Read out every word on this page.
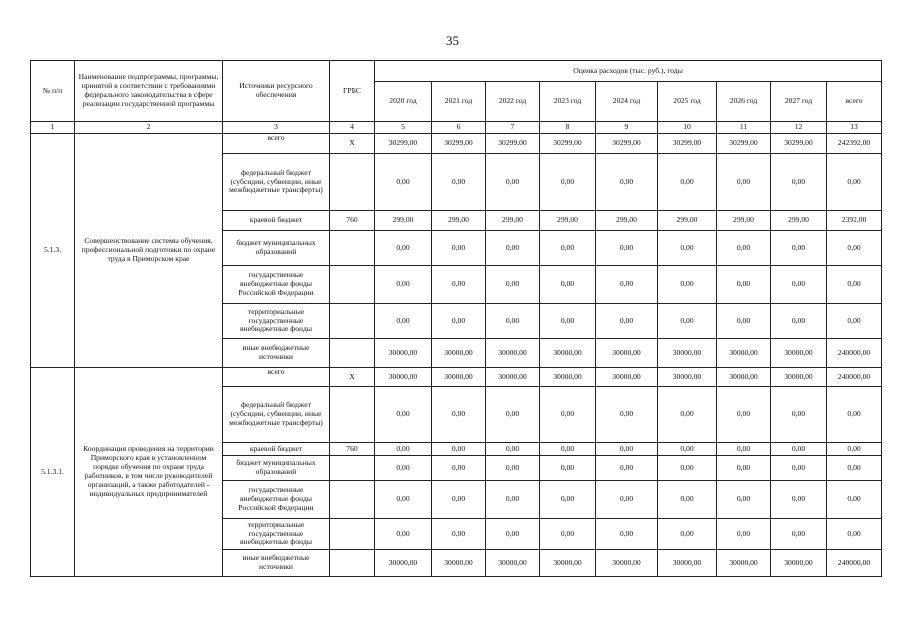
35
№ п/п	Наименование подпрограммы, программы, принятой в соответствии с требованиями федерального законодательства в сфере реализации государственной программы	Источники ресурсного обеспечения	ГРБС	Оценка расходов (тыс. руб.), годы								
				2020 год	2021 год	2022 год	2023 год	2024 год	2025 год	2026 год	2027 год	всего
1	2	3	4	5	6	7	8	9	10	11	12	13
5.1.3.	Совершенствование системы обучения, профессиональной подготовки по охране труда в Приморском крае	всего	X	30299,00	30299,00	30299,00	30299,00	30299,00	30299,00	30299,00	30299,00	242392,00
		федеральный бюджет (субсидии, субвенции, иные межбюджетные трансферты)		0,00	0,00	0,00	0,00	0,00	0,00	0,00	0,00	0,00
		краевой бюджет	760	299,00	299,00	299,00	299,00	299,00	299,00	299,00	299,00	2392,00
		бюджет муниципальных образований		0,00	0,00	0,00	0,00	0,00	0,00	0,00	0,00	0,00
		государственные внебюджетные фонды Российской Федерации		0,00	0,00	0,00	0,00	0,00	0,00	0,00	0,00	0,00
		территориальные государственные внебюджетные фонды		0,00	0,00	0,00	0,00	0,00	0,00	0,00	0,00	0,00
		иные внебюджетные источники		30000,00	30000,00	30000,00	30000,00	30000,00	30000,00	30000,00	30000,00	240000,00
5.1.3.1.	Координация проведения на территории Приморского края в установленном порядке обучения по охране труда работников, в том числе руководителей организаций, а также работодателей - индивидуальных предпринимателей	всего	X	30000,00	30000,00	30000,00	30000,00	30000,00	30000,00	30000,00	30000,00	240000,00
		федеральный бюджет (субсидии, субвенции, иные межбюджетные трансферты)		0,00	0,00	0,00	0,00	0,00	0,00	0,00	0,00	0,00
		краевой бюджет	760	0,00	0,00	0,00	0,00	0,00	0,00	0,00	0,00	0,00
		бюджет муниципальных образований		0,00	0,00	0,00	0,00	0,00	0,00	0,00	0,00	0,00
		государственные внебюджетные фонды Российской Федерации		0,00	0,00	0,00	0,00	0,00	0,00	0,00	0,00	0,00
		территориальные государственные внебюджетные фонды		0,00	0,00	0,00	0,00	0,00	0,00	0,00	0,00	0,00
		иные внебюджетные источники		30000,00	30000,00	30000,00	30000,00	30000,00	30000,00	30000,00	30000,00	240000,00
